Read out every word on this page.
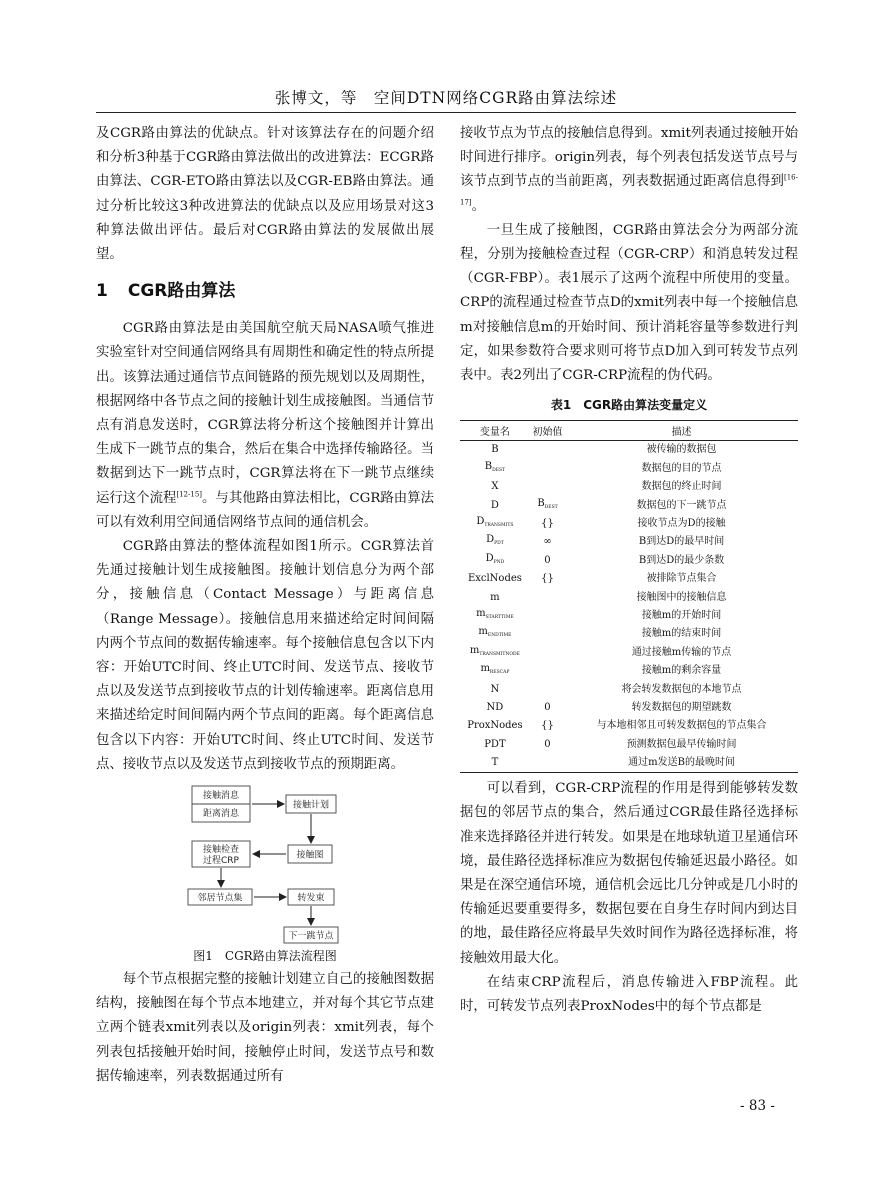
张博文，等　空间DTN网络CGR路由算法综述

及CGR路由算法的优缺点。针对该算法存在的问题介绍和分析3种基于CGR路由算法做出的改进算法：ECGR路由算法、CGR-ETO路由算法以及CGR-EB路由算法。通过分析比较这3种改进算法的优缺点以及应用场景对这3种算法做出评估。最后对CGR路由算法的发展做出展望。

1 CGR路由算法

CGR路由算法是由美国航空航天局NASA喷气推进实验室针对空间通信网络具有周期性和确定性的特点所提出。该算法通过通信节点间链路的预先规划以及周期性，根据网络中各节点之间的接触计划生成接触图。当通信节点有消息发送时，CGR算法将分析这个接触图并计算出生成下一跳节点的集合，然后在集合中选择传输路径。当数据到达下一跳节点时，CGR算法将在下一跳节点继续运行这个流程[12-15]。与其他路由算法相比，CGR路由算法可以有效利用空间通信网络节点间的通信机会。

CGR路由算法的整体流程如图1所示。CGR算法首先通过接触计划生成接触图。接触计划信息分为两个部分，接触信息（Contact Message）与距离信息（Range Message）。接触信息用来描述给定时间间隔内两个节点间的数据传输速率。每个接触信息包含以下内容：开始UTC时间、终止UTC时间、发送节点、接收节点以及发送节点到接收节点的计划传输速率。距离信息用来描述给定时间间隔内两个节点间的距离。每个距离信息包含以下内容：开始UTC时间、终止UTC时间、发送节点、接收节点以及发送节点到接收节点的预期距离。

接触消息
距离消息
接触计划
接触检查
过程CRP
接触图
邻居节点集	转发束
下一跳节点

图1　CGR路由算法流程图

每个节点根据完整的接触计划建立自己的接触图数据结构，接触图在每个节点本地建立，并对每个其它节点建立两个链表xmit列表以及origin列表：xmit列表，每个列表包括接触开始时间，接触停止时间，发送节点号和数据传输速率，列表数据通过所有

接收节点为节点的接触信息得到。xmit列表通过接触开始时间进行排序。origin列表，每个列表包括发送节点号与该节点到节点的当前距离，列表数据通过距离信息得到[16-17]。

一旦生成了接触图，CGR路由算法会分为两部分流程，分别为接触检查过程（CGR-CRP）和消息转发过程（CGR-FBP）。表1展示了这两个流程中所使用的变量。CRP的流程通过检查节点D的xmit列表中每一个接触信息m对接触信息m的开始时间、预计消耗容量等参数进行判定，如果参数符合要求则可将节点D加入到可转发节点列表中。表2列出了CGR-CRP流程的伪代码。

表1　CGR路由算法变量定义
变量名	初始值	描述
B		被传输的数据包
$B_{DEST}$		数据包的目的节点
X		数据包的终止时间
D	$B_{DEST}$	数据包的下一跳节点
$D_{TRANSMITS}$	{}	接收节点为D的接触
$D_{PDT}$	∞	B到达D的最早时间
$D_{PND}$	0	B到达D的最少条数
ExclNodes	{}	被排除节点集合
m		接触图中的接触信息
$m_{STARTTIME}$		接触m的开始时间
$m_{ENDTIME}$		接触m的结束时间
$m_{TRANSMITNODE}$		通过接触m传输的节点
$m_{RESCAP}$		接触m的剩余容量
N		将会转发数据包的本地节点
ND	0	转发数据包的期望跳数
ProxNodes	{}	与本地相邻且可转发数据包的节点集合
PDT	0	预测数据包最早传输时间
T		通过m发送B的最晚时间

可以看到，CGR-CRP流程的作用是得到能够转发数据包的邻居节点的集合，然后通过CGR最佳路径选择标准来选择路径并进行转发。如果是在地球轨道卫星通信环境，最佳路径选择标准应为数据包传输延迟最小路径。如果是在深空通信环境，通信机会远比几分钟或是几小时的传输延迟要重要得多，数据包要在自身生存时间内到达目的地，最佳路径应将最早失效时间作为路径选择标准，将接触效用最大化。

在结束CRP流程后，消息传输进入FBP流程。此时，可转发节点列表ProxNodes中的每个节点都是

- 83 -
